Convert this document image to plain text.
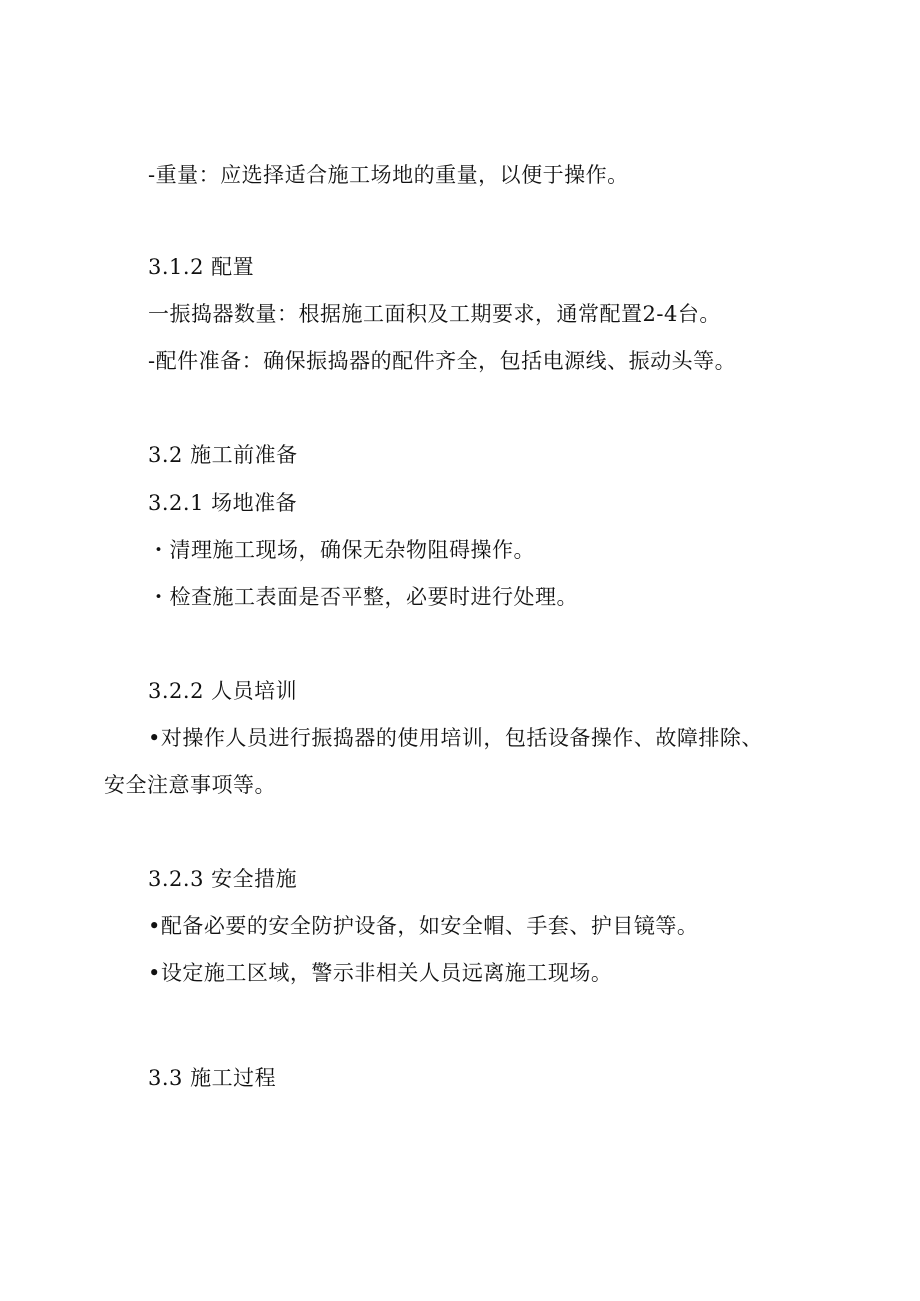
-重量：应选择适合施工场地的重量，以便于操作。
3.1.2 配置
一振捣器数量：根据施工面积及工期要求，通常配置2-4台。
-配件准备：确保振捣器的配件齐全，包括电源线、振动头等。
3.2 施工前准备
3.2.1 场地准备
・清理施工现场，确保无杂物阻碍操作。
・检查施工表面是否平整，必要时进行处理。
3.2.2 人员培训
•对操作人员进行振捣器的使用培训，包括设备操作、故障排除、
安全注意事项等。
3.2.3 安全措施
•配备必要的安全防护设备，如安全帽、手套、护目镜等。
•设定施工区域，警示非相关人员远离施工现场。
3.3 施工过程
